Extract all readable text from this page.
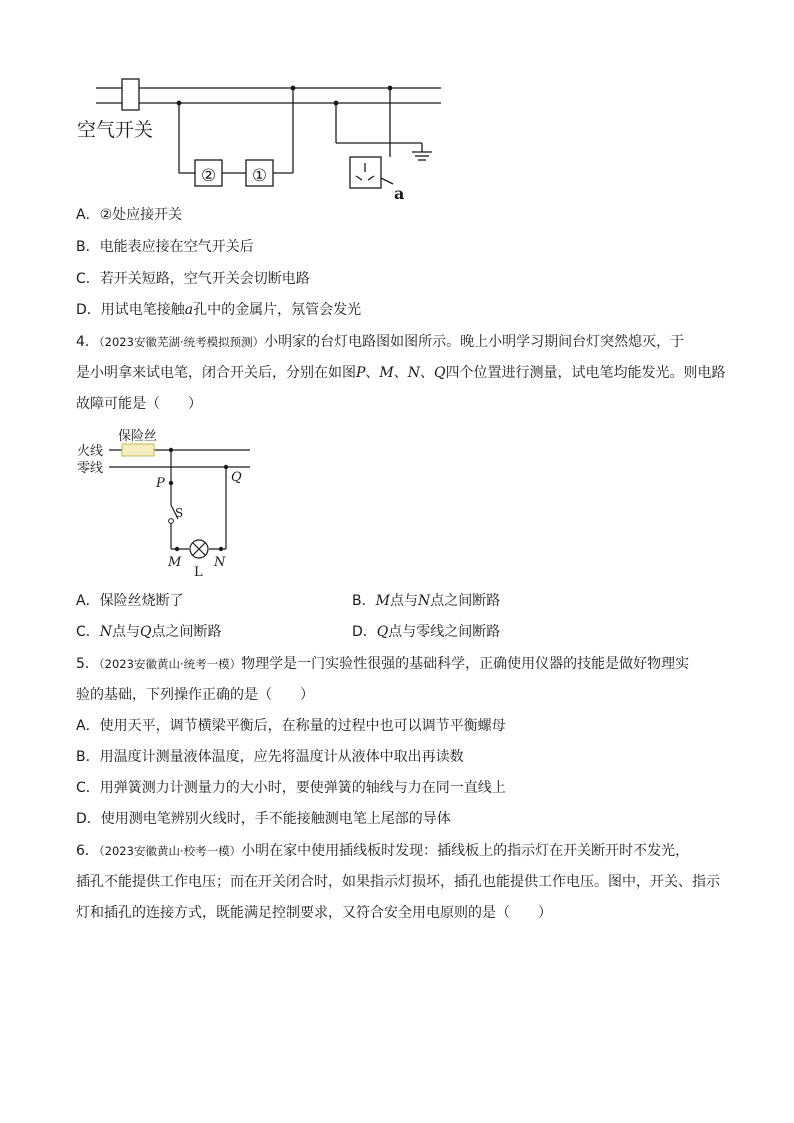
空气开关
② ①
a
A．②处应接开关
B．电能表应接在空气开关后
C．若开关短路，空气开关会切断电路
D．用试电笔接触a孔中的金属片，氖管会发光
4．（2023安徽芜湖·统考模拟预测）小明家的台灯电路图如图所示。晚上小明学习期间台灯突然熄灭，于
是小明拿来试电笔，闭合开关后，分别在如图P、M、N、Q四个位置进行测量，试电笔均能发光。则电路
故障可能是（　　）
保险丝
火线
零线
P	Q
S
M	N
L
A．保险丝烧断了	B．M点与N点之间断路
C．N点与Q点之间断路	D．Q点与零线之间断路
5．（2023安徽黄山·统考一模）物理学是一门实验性很强的基础科学，正确使用仪器的技能是做好物理实
验的基础，下列操作正确的是（　　）
A．使用天平，调节横梁平衡后，在称量的过程中也可以调节平衡螺母
B．用温度计测量液体温度，应先将温度计从液体中取出再读数
C．用弹簧测力计测量力的大小时，要使弹簧的轴线与力在同一直线上
D．使用测电笔辨别火线时，手不能接触测电笔上尾部的导体
6．（2023安徽黄山·校考一模）小明在家中使用插线板时发现：插线板上的指示灯在开关断开时不发光，
插孔不能提供工作电压；而在开关闭合时，如果指示灯损坏，插孔也能提供工作电压。图中，开关、指示
灯和插孔的连接方式，既能满足控制要求，又符合安全用电原则的是（　　）
